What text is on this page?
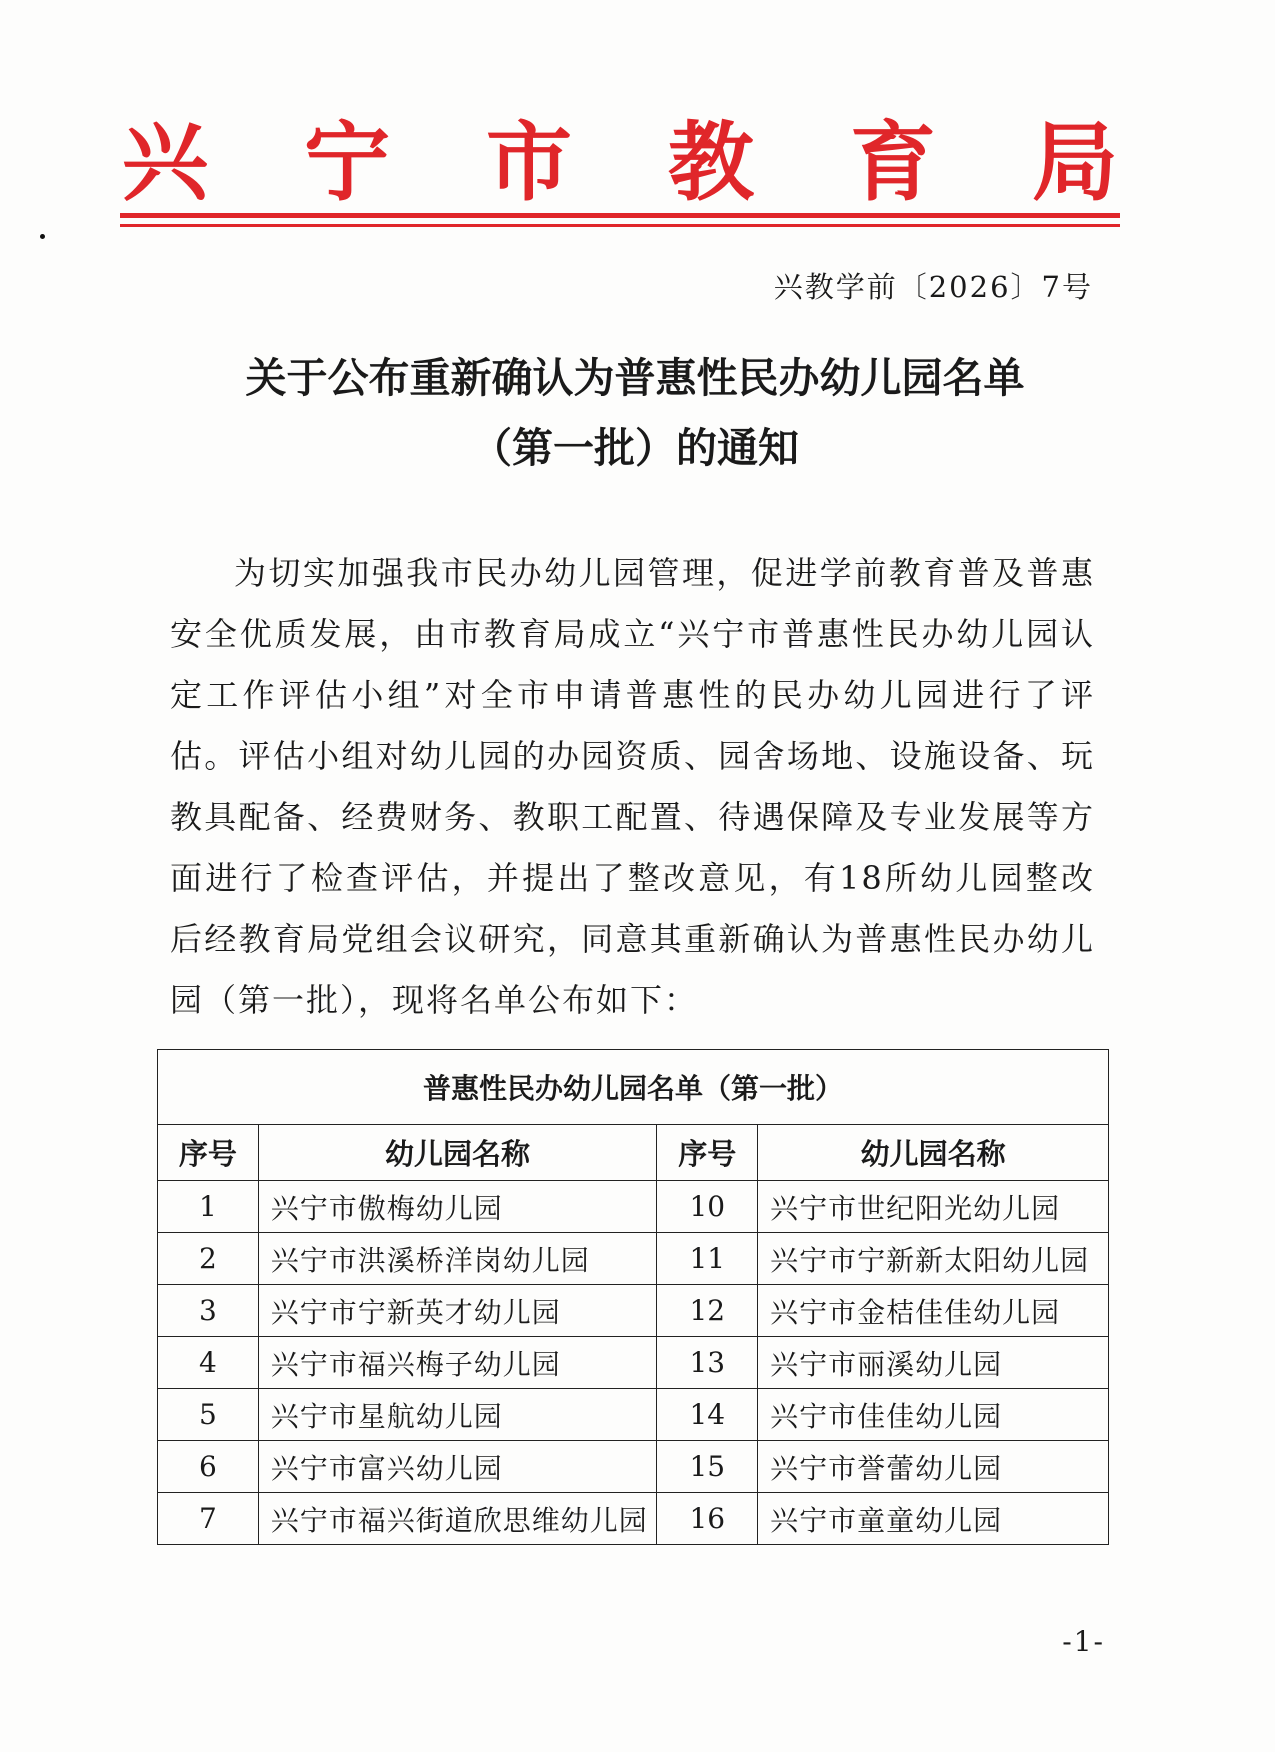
兴 宁 市 教 育 局
兴教学前〔2026〕7号
关于公布重新确认为普惠性民办幼儿园名单
（第一批）的通知
为切实加强我市民办幼儿园管理，促进学前教育普及普惠安全优质发展，由市教育局成立“兴宁市普惠性民办幼儿园认定工作评估小组”对全市申请普惠性的民办幼儿园进行了评估。评估小组对幼儿园的办园资质、园舍场地、设施设备、玩教具配备、经费财务、教职工配置、待遇保障及专业发展等方面进行了检查评估，并提出了整改意见，有18所幼儿园整改后经教育局党组会议研究，同意其重新确认为普惠性民办幼儿园（第一批），现将名单公布如下：
普惠性民办幼儿园名单（第一批）			
序号	幼儿园名称	序号	幼儿园名称
1	兴宁市傲梅幼儿园	10	兴宁市世纪阳光幼儿园
2	兴宁市洪溪桥洋岗幼儿园	11	兴宁市宁新新太阳幼儿园
3	兴宁市宁新英才幼儿园	12	兴宁市金桔佳佳幼儿园
4	兴宁市福兴梅子幼儿园	13	兴宁市丽溪幼儿园
5	兴宁市星航幼儿园	14	兴宁市佳佳幼儿园
6	兴宁市富兴幼儿园	15	兴宁市誉蕾幼儿园
7	兴宁市福兴街道欣思维幼儿园	16	兴宁市童童幼儿园
-1-
